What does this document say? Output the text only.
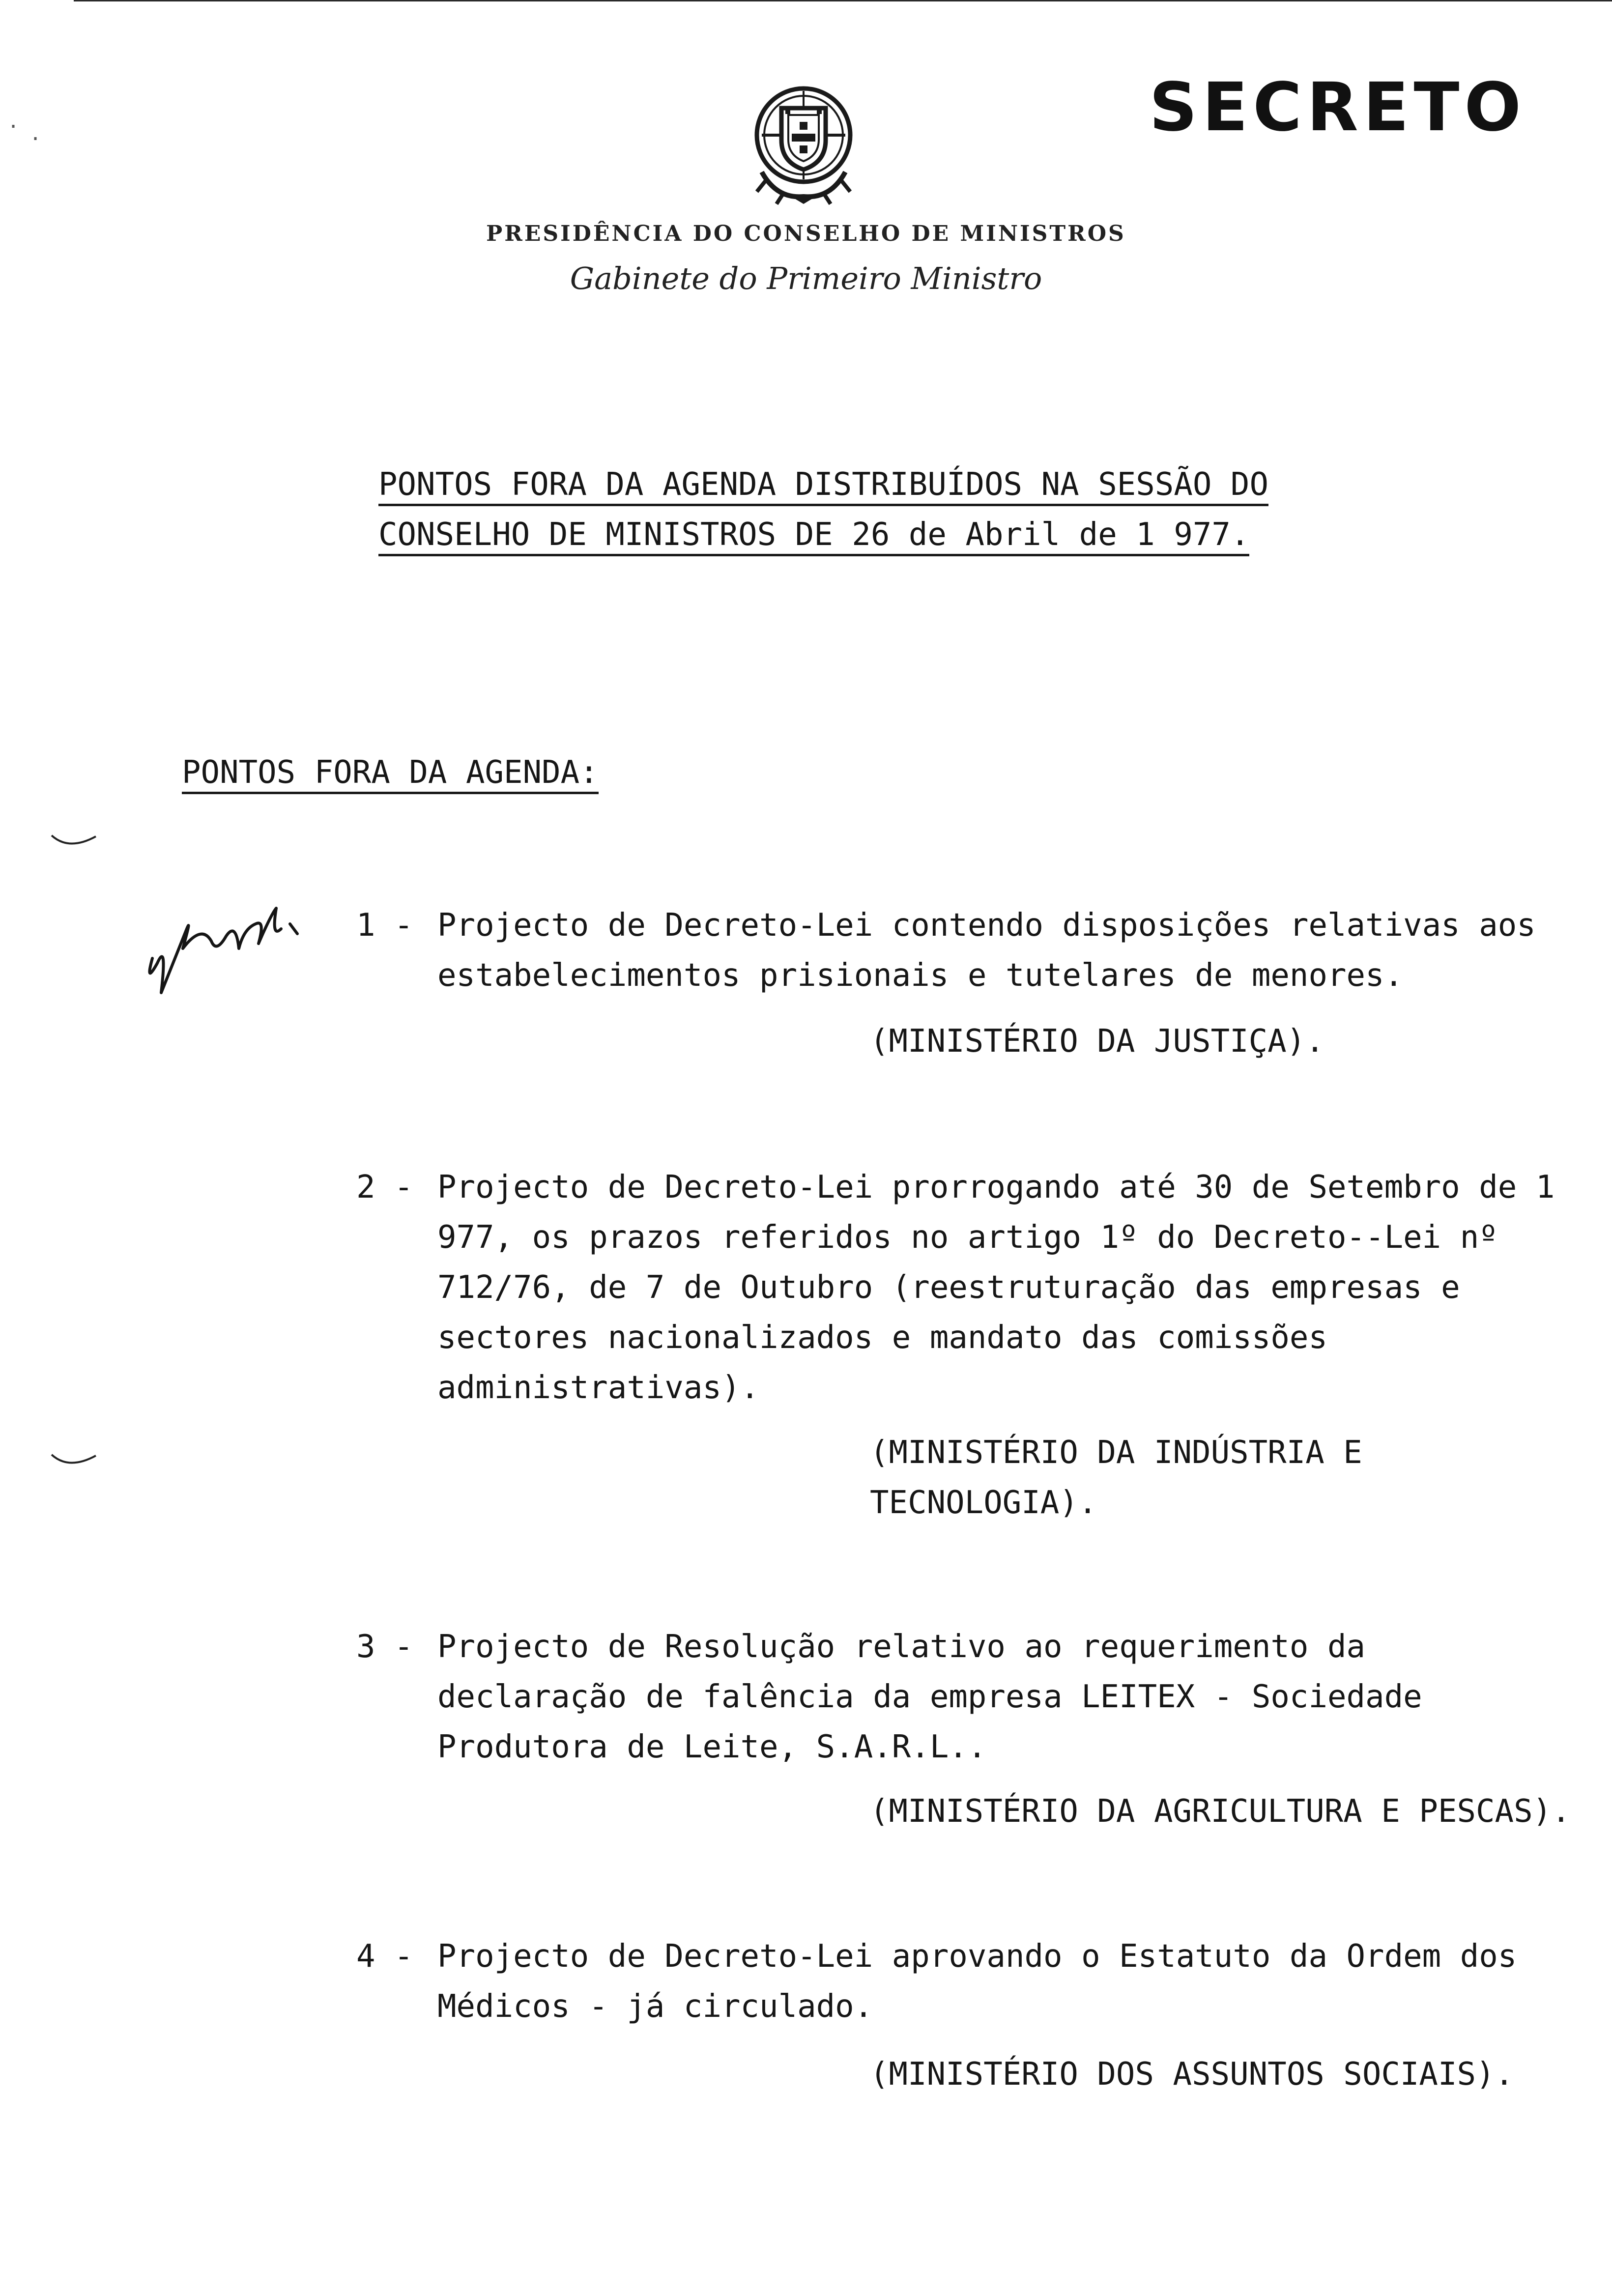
SECRETO
PRESIDÊNCIA DO CONSELHO DE MINISTROS
Gabinete do Primeiro Ministro
PONTOS FORA DA AGENDA DISTRIBUÍDOS NA SESSÃO DO
CONSELHO DE MINISTROS DE 26 de Abril de 1 977.
PONTOS FORA DA AGENDA:
1 - Projecto de Decreto-Lei contendo disposições relativas aos estabelecimentos prisionais e tutelares de menores.
(MINISTÉRIO DA JUSTIÇA).
2 - Projecto de Decreto-Lei prorrogando até 30 de Setembro de 1 977, os prazos referidos no artigo 1º do Decreto--Lei nº 712/76, de 7 de Outubro (reestruturação das empresas e sectores nacionalizados e mandato das comissões administrativas).
(MINISTÉRIO DA INDÚSTRIA E TECNOLOGIA).
3 - Projecto de Resolução relativo ao requerimento da declaração de falência da empresa LEITEX - Sociedade Produtora de Leite, S.A.R.L..
(MINISTÉRIO DA AGRICULTURA E PESCAS).
4 - Projecto de Decreto-Lei aprovando o Estatuto da Ordem dos Médicos - já circulado.
(MINISTÉRIO DOS ASSUNTOS SOCIAIS).
·
·
